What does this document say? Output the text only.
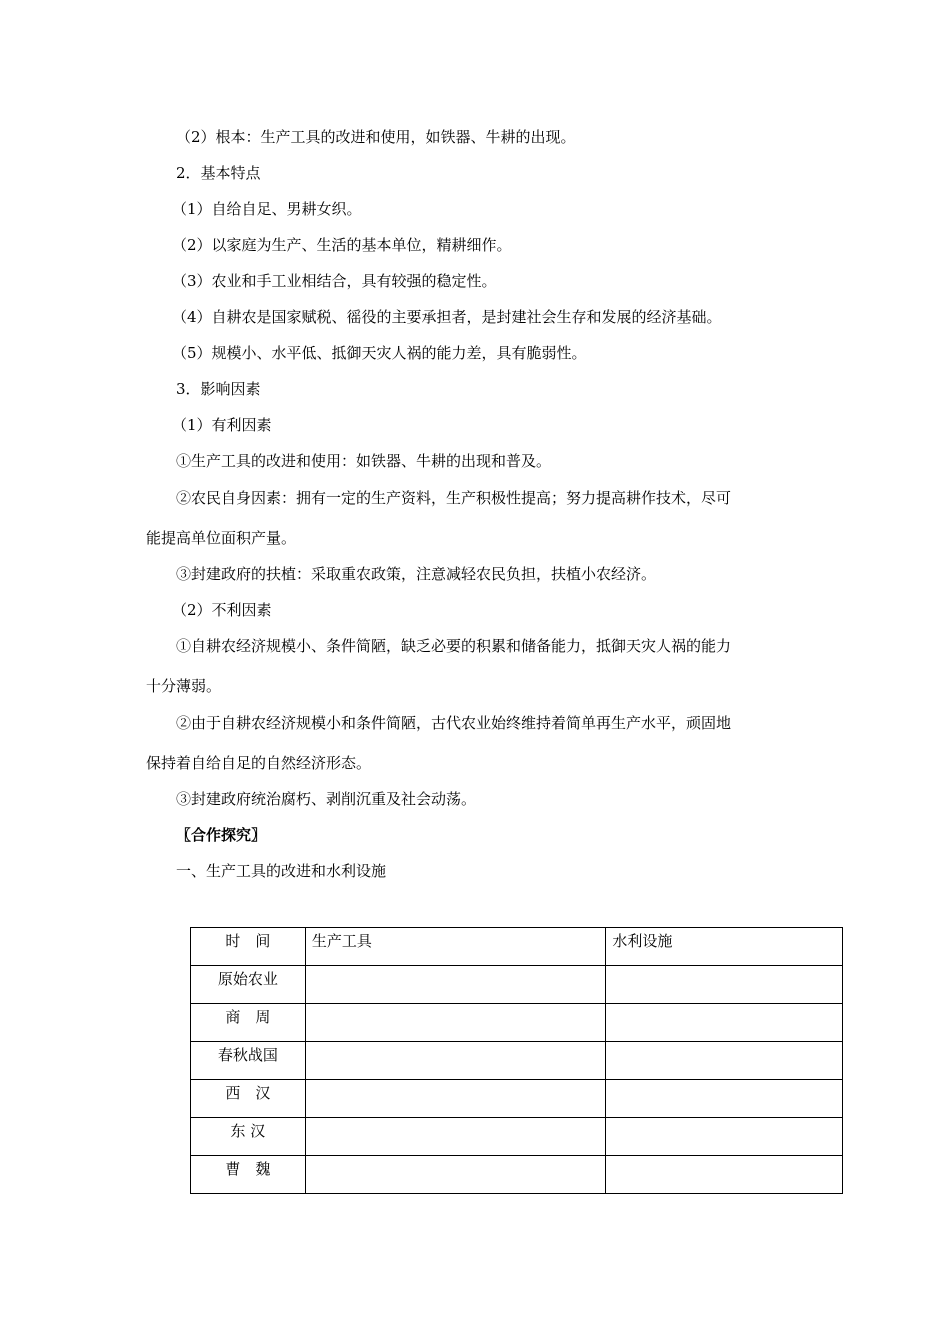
（2）根本：生产工具的改进和使用，如铁器、牛耕的出现。
2．基本特点
（1）自给自足、男耕女织。
（2）以家庭为生产、生活的基本单位，精耕细作。
（3）农业和手工业相结合，具有较强的稳定性。
（4）自耕农是国家赋税、徭役的主要承担者，是封建社会生存和发展的经济基础。
（5）规模小、水平低、抵御天灾人祸的能力差，具有脆弱性。
3．影响因素
（1）有利因素
①生产工具的改进和使用：如铁器、牛耕的出现和普及。
②农民自身因素：拥有一定的生产资料，生产积极性提高；努力提高耕作技术，尽可
能提高单位面积产量。
③封建政府的扶植：采取重农政策，注意减轻农民负担，扶植小农经济。
（2）不利因素
①自耕农经济规模小、条件简陋，缺乏必要的积累和储备能力，抵御天灾人祸的能力
十分薄弱。
②由于自耕农经济规模小和条件简陋，古代农业始终维持着简单再生产水平，顽固地
保持着自给自足的自然经济形态。
③封建政府统治腐朽、剥削沉重及社会动荡。
〖合作探究〗
一、生产工具的改进和水利设施
时　间	生产工具	水利设施
原始农业		
商　周		
春秋战国		
西　汉		
东 汉		
曹　魏		
